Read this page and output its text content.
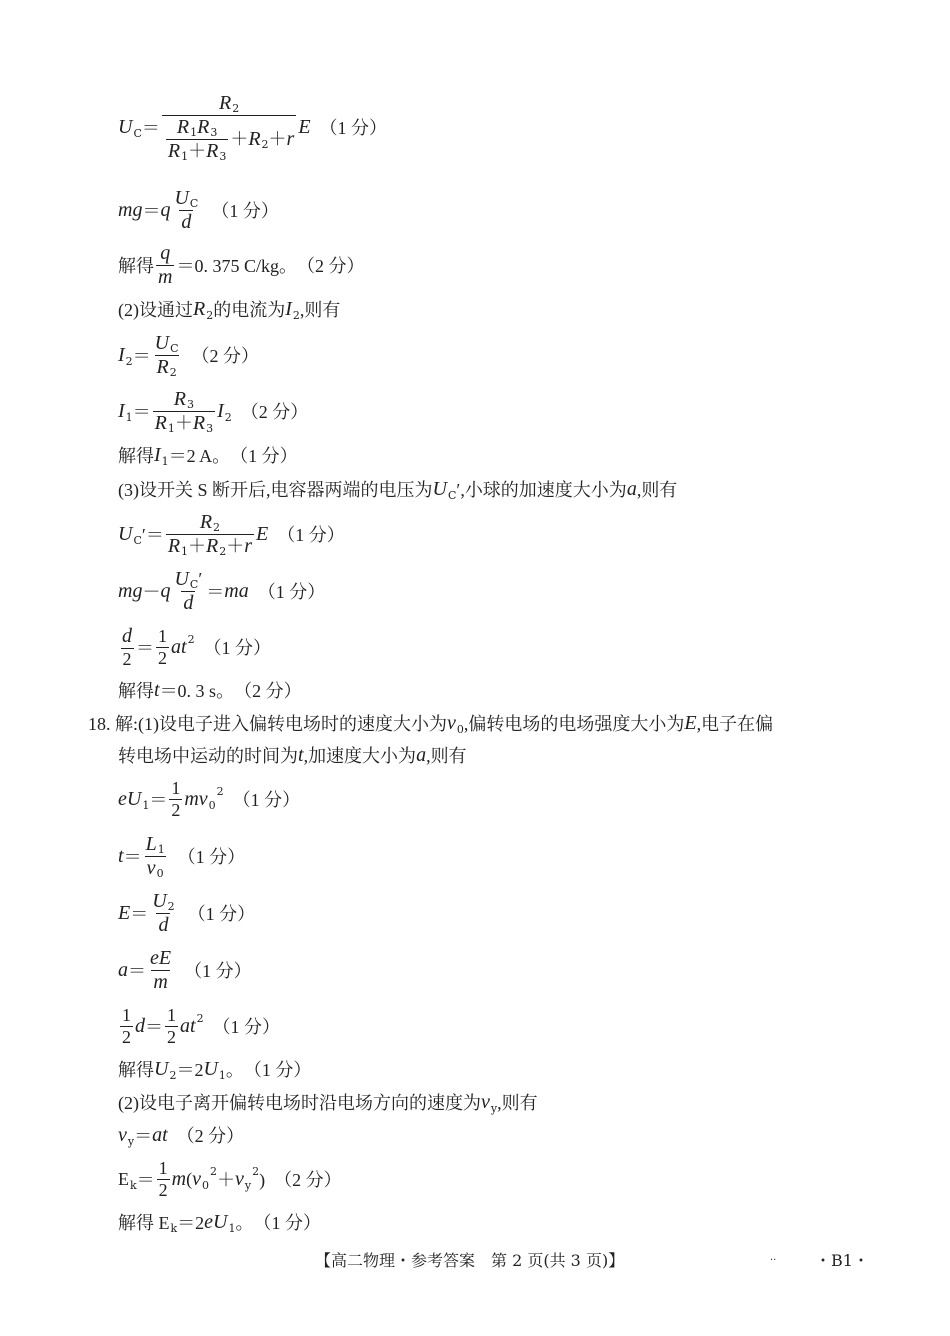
U $C = \frac{R 2}{\frac{R 1 R 3}{R 1 + R 3} + R 2 + r}$ E 　（1 分）
mg ＝ q $\frac{\text{U C}}{d}$ 　（1 分）
解得 $\frac{q}{m} =0$. 375 C/kg。　（2 分）
(2)设通过 R 2 的电流为 I 2 ,则有
I $2 = \frac{\text{U C}}{R 2}$ 　（2 分）
I $1 = \frac{R 3}{R 1 + R 3}$ I 2 　（2 分）
解得 I 1 ＝2 A。　（1 分）
(3)设开关 S 断开后,电容器两端的电压为 U C ′,小球的加速度大小为 a ,则有
U C ′＝ $\frac{R 2}{R 1 + R 2 + r}$ E 　（1 分）
mg － q $\frac{\text{U C ′}}{d}$ ＝ ma 　（1 分）
$\frac{d}{2} = \frac{1}{2}$ at 2 　（1 分）
解得 t ＝0. 3 s。　（2 分）
18. 解:(1)设电子进入偏转电场时的速度大小为 v 0 ,偏转电场的电场强度大小为 E ,电子在偏
转电场中运动的时间为 t ,加速度大小为 a ,则有
eU $1 = \frac{1}{2}$ mv 0
2 　（1 分）
$t = \frac{L 1}{v 0}$ 　（1 分）
$E = \frac{U 2}{d}$ 　（1 分）
$a = \frac{eE}{m}$ 　（1 分）
$\frac{1}{2}$ $d = \frac{1}{2}$ at 2 　（1 分）
解得 U 2 ＝2 U 1 。　（1 分）
(2)设电子离开偏转电场时沿电场方向的速度为 v y ,则有
v y ＝ at 　（2 分）
E $k = \frac{1}{2}$ m ( v 0
2 ＋ v y
2 )　（2 分）
解得 E k ＝2 eU 1 。　（1 分）
【高二物理・参考答案　第 2 页(共 3 页)】	.. ・B1・
